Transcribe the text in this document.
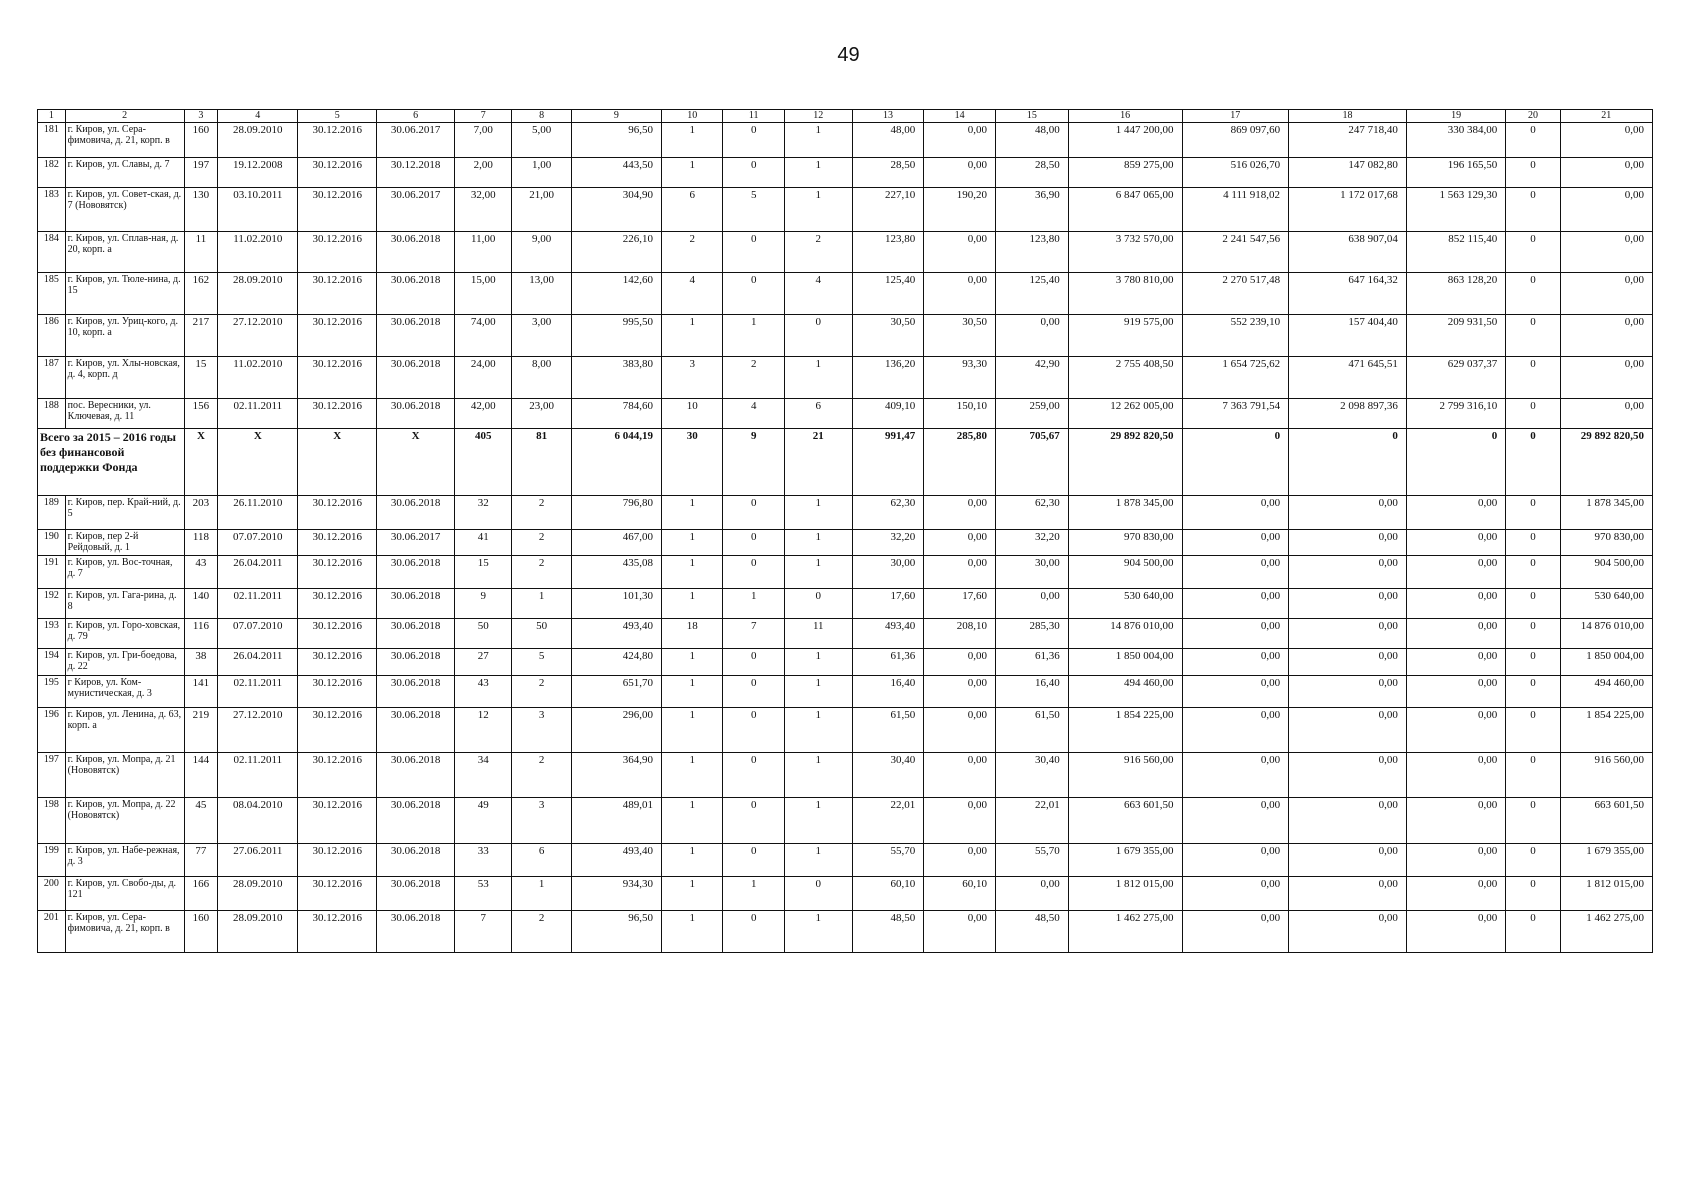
49
1	2	3	4	5	6	7	8	9	10	11	12	13	14	15	16	17	18	19	20	21
181	г. Киров, ул. Сера-фимовича, д. 21, корп. в	160	28.09.2010	30.12.2016	30.06.2017	7,00	5,00	96,50	1	0	1	48,00	0,00	48,00	1 447 200,00	869 097,60	247 718,40	330 384,00	0	0,00
182	г. Киров, ул. Славы, д. 7	197	19.12.2008	30.12.2016	30.12.2018	2,00	1,00	443,50	1	0	1	28,50	0,00	28,50	859 275,00	516 026,70	147 082,80	196 165,50	0	0,00
183	г. Киров, ул. Совет-ская, д. 7 (Нововятск)	130	03.10.2011	30.12.2016	30.06.2017	32,00	21,00	304,90	6	5	1	227,10	190,20	36,90	6 847 065,00	4 111 918,02	1 172 017,68	1 563 129,30	0	0,00
184	г. Киров, ул. Сплав-ная, д. 20, корп. а	11	11.02.2010	30.12.2016	30.06.2018	11,00	9,00	226,10	2	0	2	123,80	0,00	123,80	3 732 570,00	2 241 547,56	638 907,04	852 115,40	0	0,00
185	г. Киров, ул. Тюле-нина, д. 15	162	28.09.2010	30.12.2016	30.06.2018	15,00	13,00	142,60	4	0	4	125,40	0,00	125,40	3 780 810,00	2 270 517,48	647 164,32	863 128,20	0	0,00
186	г. Киров, ул. Уриц-кого, д. 10, корп. а	217	27.12.2010	30.12.2016	30.06.2018	74,00	3,00	995,50	1	1	0	30,50	30,50	0,00	919 575,00	552 239,10	157 404,40	209 931,50	0	0,00
187	г. Киров, ул. Хлы-новская, д. 4, корп. д	15	11.02.2010	30.12.2016	30.06.2018	24,00	8,00	383,80	3	2	1	136,20	93,30	42,90	2 755 408,50	1 654 725,62	471 645,51	629 037,37	0	0,00
188	пос. Вересники, ул. Ключевая, д. 11	156	02.11.2011	30.12.2016	30.06.2018	42,00	23,00	784,60	10	4	6	409,10	150,10	259,00	12 262 005,00	7 363 791,54	2 098 897,36	2 799 316,10	0	0,00
Всего за 2015 – 2016 годы без финансовой поддержки Фонда		X	X	X	X	405	81	6 044,19	30	9	21	991,47	285,80	705,67	29 892 820,50	0	0	0	0	29 892 820,50
189	г. Киров, пер. Край-ний, д. 5	203	26.11.2010	30.12.2016	30.06.2018	32	2	796,80	1	0	1	62,30	0,00	62,30	1 878 345,00	0,00	0,00	0,00	0	1 878 345,00
190	г. Киров, пер 2-й Рейдовый, д. 1	118	07.07.2010	30.12.2016	30.06.2017	41	2	467,00	1	0	1	32,20	0,00	32,20	970 830,00	0,00	0,00	0,00	0	970 830,00
191	г. Киров, ул. Вос-точная, д. 7	43	26.04.2011	30.12.2016	30.06.2018	15	2	435,08	1	0	1	30,00	0,00	30,00	904 500,00	0,00	0,00	0,00	0	904 500,00
192	г. Киров, ул. Гага-рина, д. 8	140	02.11.2011	30.12.2016	30.06.2018	9	1	101,30	1	1	0	17,60	17,60	0,00	530 640,00	0,00	0,00	0,00	0	530 640,00
193	г. Киров, ул. Горо-ховская, д. 79	116	07.07.2010	30.12.2016	30.06.2018	50	50	493,40	18	7	11	493,40	208,10	285,30	14 876 010,00	0,00	0,00	0,00	0	14 876 010,00
194	г. Киров, ул. Гри-боедова, д. 22	38	26.04.2011	30.12.2016	30.06.2018	27	5	424,80	1	0	1	61,36	0,00	61,36	1 850 004,00	0,00	0,00	0,00	0	1 850 004,00
195	г Киров, ул. Ком-мунистическая, д. 3	141	02.11.2011	30.12.2016	30.06.2018	43	2	651,70	1	0	1	16,40	0,00	16,40	494 460,00	0,00	0,00	0,00	0	494 460,00
196	г. Киров, ул. Ленина, д. 63, корп. а	219	27.12.2010	30.12.2016	30.06.2018	12	3	296,00	1	0	1	61,50	0,00	61,50	1 854 225,00	0,00	0,00	0,00	0	1 854 225,00
197	г. Киров, ул. Мопра, д. 21 (Нововятск)	144	02.11.2011	30.12.2016	30.06.2018	34	2	364,90	1	0	1	30,40	0,00	30,40	916 560,00	0,00	0,00	0,00	0	916 560,00
198	г. Киров, ул. Мопра, д. 22 (Нововятск)	45	08.04.2010	30.12.2016	30.06.2018	49	3	489,01	1	0	1	22,01	0,00	22,01	663 601,50	0,00	0,00	0,00	0	663 601,50
199	г. Киров, ул. Набе-режная, д. 3	77	27.06.2011	30.12.2016	30.06.2018	33	6	493,40	1	0	1	55,70	0,00	55,70	1 679 355,00	0,00	0,00	0,00	0	1 679 355,00
200	г. Киров, ул. Свобо-ды, д. 121	166	28.09.2010	30.12.2016	30.06.2018	53	1	934,30	1	1	0	60,10	60,10	0,00	1 812 015,00	0,00	0,00	0,00	0	1 812 015,00
201	г. Киров, ул. Сера-фимовича, д. 21, корп. в	160	28.09.2010	30.12.2016	30.06.2018	7	2	96,50	1	0	1	48,50	0,00	48,50	1 462 275,00	0,00	0,00	0,00	0	1 462 275,00
